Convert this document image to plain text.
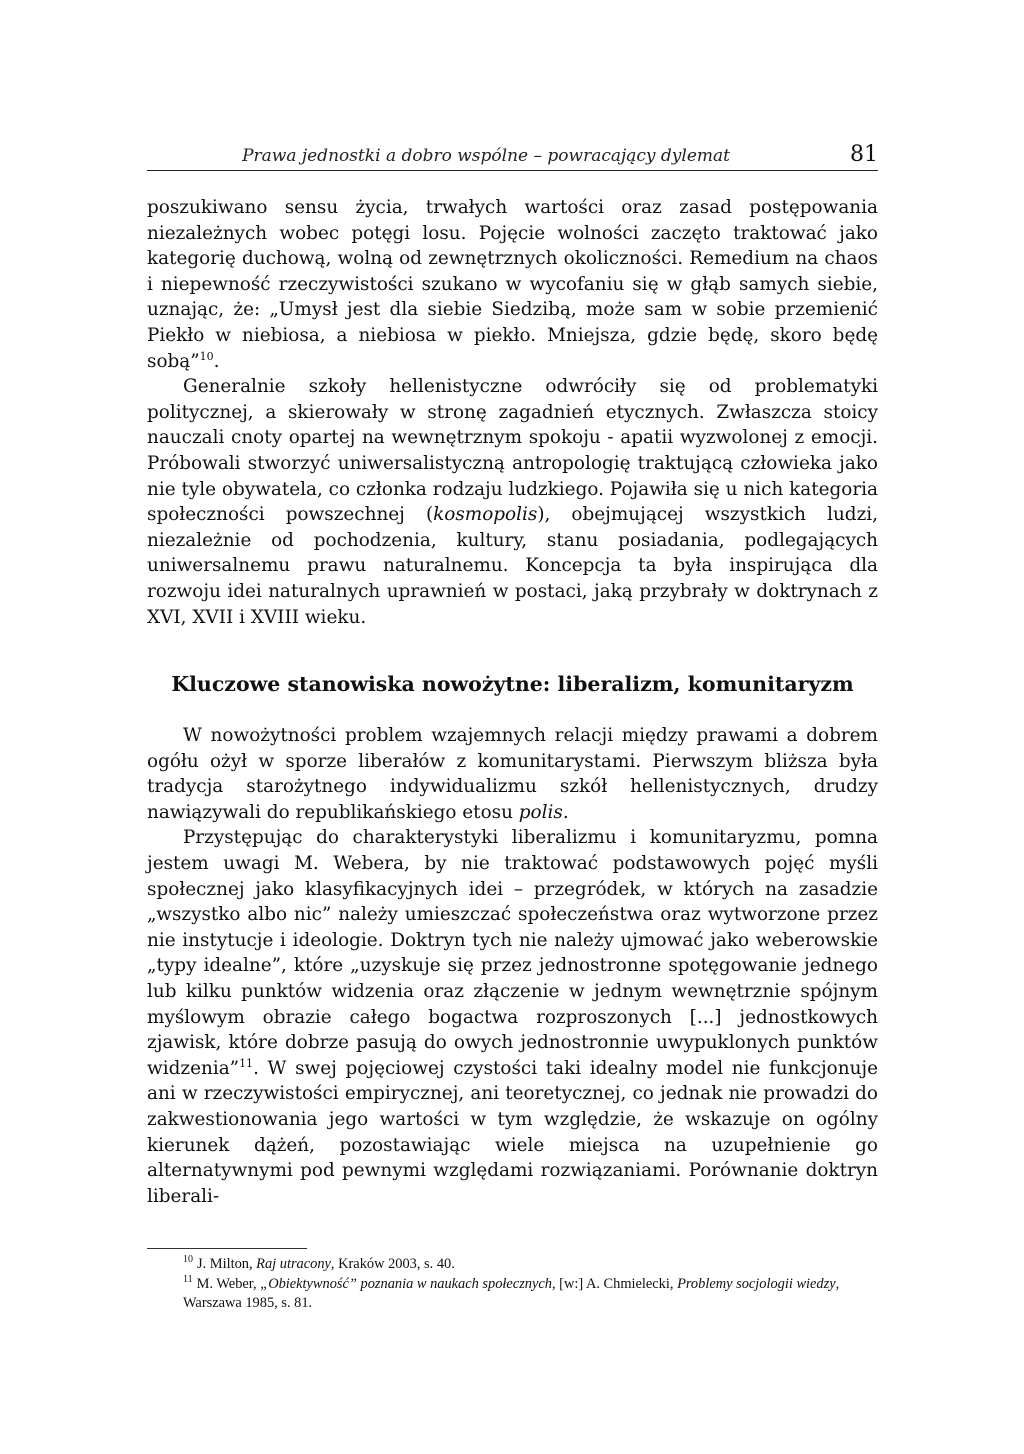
Prawa jednostki a dobro wspólne – powracający dylemat	81

poszukiwano sensu życia, trwałych wartości oraz zasad postępowania niezależnych wobec potęgi losu. Pojęcie wolności zaczęto traktować jako kategorię duchową, wolną od zewnętrznych okoliczności. Remedium na chaos i niepewność rzeczywistości szukano w wycofaniu się w głąb samych siebie, uznając, że: „Umysł jest dla siebie Siedzibą, może sam w sobie przemienić Piekło w niebiosa, a niebiosa w piekło. Mniejsza, gdzie będę, skoro będę sobą”$^{10}$.

Generalnie szkoły hellenistyczne odwróciły się od problematyki politycznej, a skierowały w stronę zagadnień etycznych. Zwłaszcza stoicy nauczali cnoty opartej na wewnętrznym spokoju - apatii wyzwolonej z emocji. Próbowali stworzyć uniwersalistyczną antropologię traktującą człowieka jako nie tyle obywatela, co członka rodzaju ludzkiego. Pojawiła się u nich kategoria społeczności powszechnej (kosmopolis), obejmującej wszystkich ludzi, niezależnie od pochodzenia, kultury, stanu posiadania, podlegających uniwersalnemu prawu naturalnemu. Koncepcja ta była inspirująca dla rozwoju idei naturalnych uprawnień w postaci, jaką przybrały w doktrynach z XVI, XVII i XVIII wieku.

Kluczowe stanowiska nowożytne: liberalizm, komunitaryzm

W nowożytności problem wzajemnych relacji między prawami a dobrem ogółu ożył w sporze liberałów z komunitarystami. Pierwszym bliższa była tradycja starożytnego indywidualizmu szkół hellenistycznych, drudzy nawiązywali do republikańskiego etosu polis.

Przystępując do charakterystyki liberalizmu i komunitaryzmu, pomna jestem uwagi M. Webera, by nie traktować podstawowych pojęć myśli społecznej jako klasyfikacyjnych idei – przegródek, w których na zasadzie „wszystko albo nic” należy umieszczać społeczeństwa oraz wytworzone przez nie instytucje i ideologie. Doktryn tych nie należy ujmować jako weberowskie „typy idealne”, które „uzyskuje się przez jednostronne spotęgowanie jednego lub kilku punktów widzenia oraz złączenie w jednym wewnętrznie spójnym myślowym obrazie całego bogactwa rozproszonych [...] jednostkowych zjawisk, które dobrze pasują do owych jednostronnie uwypuklonych punktów widzenia”$^{11}$. W swej pojęciowej czystości taki idealny model nie funkcjonuje ani w rzeczywistości empirycznej, ani teoretycznej, co jednak nie prowadzi do zakwestionowania jego wartości w tym względzie, że wskazuje on ogólny kierunek dążeń, pozostawiając wiele miejsca na uzupełnienie go alternatywnymi pod pewnymi względami rozwiązaniami. Porównanie doktryn liberali-

$^{10}$ J. Milton, Raj utracony, Kraków 2003, s. 40.
$^{11}$ M. Weber, „Obiektywność” poznania w naukach społecznych, [w:] A. Chmielecki, Problemy socjologii wiedzy, Warszawa 1985, s. 81.
